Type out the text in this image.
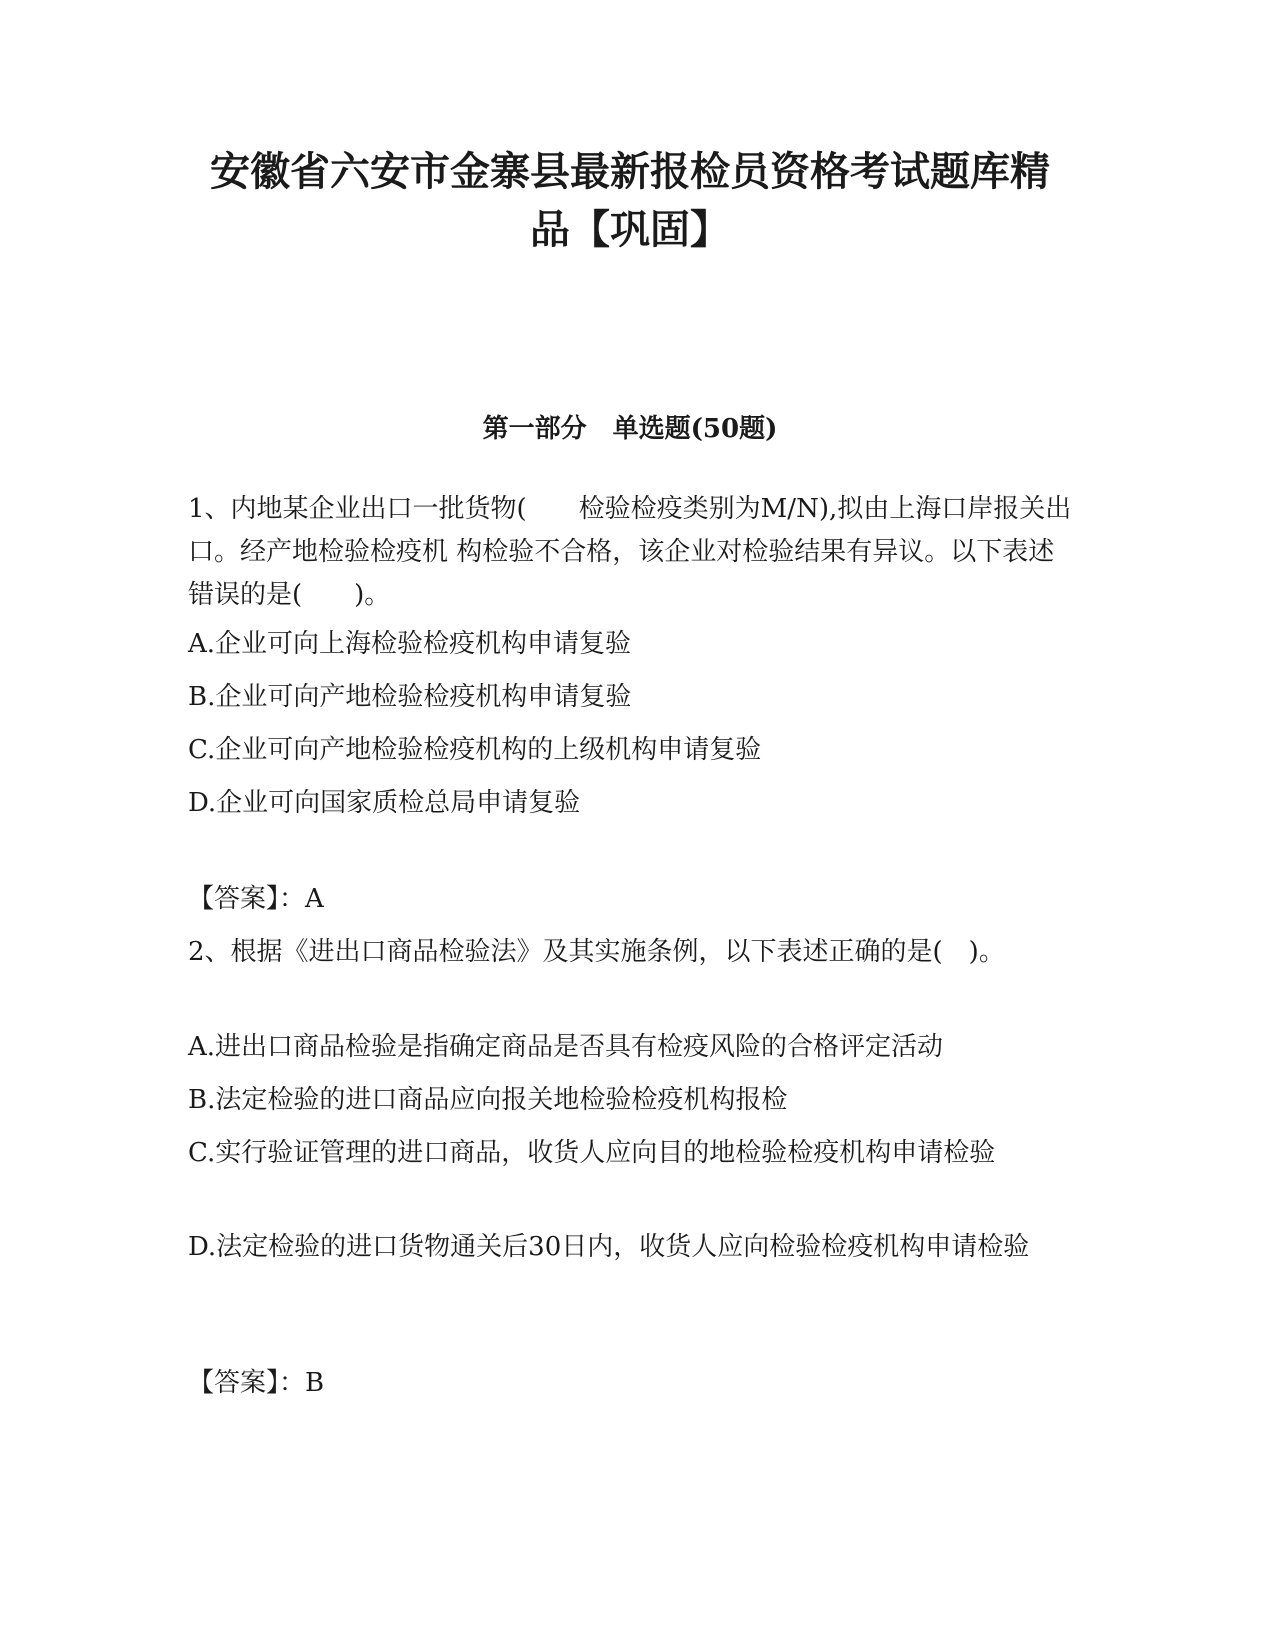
安徽省六安市金寨县最新报检员资格考试题库精
品【巩固】
第一部分　单选题(50题)

1、内地某企业出口一批货物(　　检验检疫类别为M/N),拟由上海口岸报关出口。经产地检验检疫机 构检验不合格，该企业对检验结果有异议。以下表述错误的是(　　)。

A.企业可向上海检验检疫机构申请复验

B.企业可向产地检验检疫机构申请复验

C.企业可向产地检验检疫机构的上级机构申请复验

D.企业可向国家质检总局申请复验

【答案】：A

2、根据《进出口商品检验法》及其实施条例，以下表述正确的是(　)。

A.进出口商品检验是指确定商品是否具有检疫风险的合格评定活动

B.法定检验的进口商品应向报关地检验检疫机构报检

C.实行验证管理的进口商品，收货人应向目的地检验检疫机构申请检验

D.法定检验的进口货物通关后30日内，收货人应向检验检疫机构申请检验

【答案】：B
